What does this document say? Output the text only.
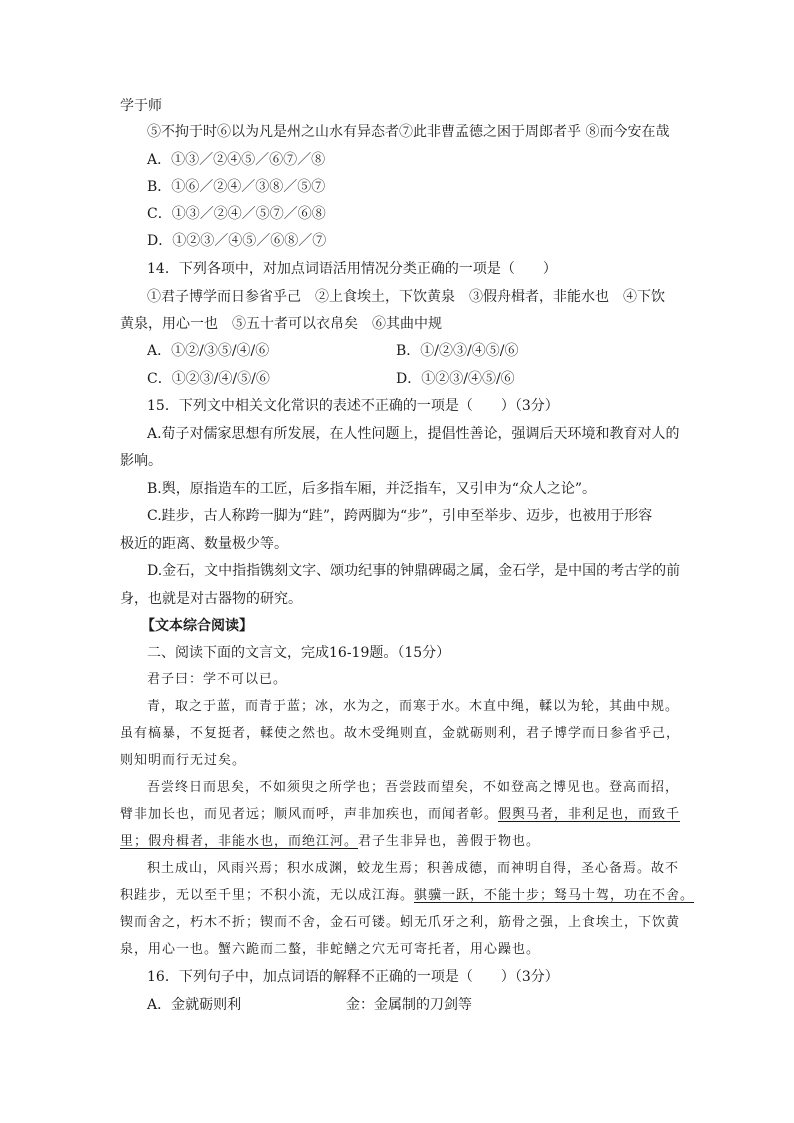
学于师
⑤不拘于时⑥以为凡是州之山水有异态者⑦此非曹孟德之困于周郎者乎 ⑧而今安在哉
A．①③／②④⑤／⑥⑦／⑧
B．①⑥／②④／③⑧／⑤⑦
C．①③／②④／⑤⑦／⑥⑧
D．①②③／④⑤／⑥⑧／⑦
14．下列各项中，对加点词语活用情况分类正确的一项是（　　）
①君子博学而日参省乎己　②上食埃土，下饮黄泉　③假舟楫者，非能水也　④下饮
黄泉，用心一也　⑤五十者可以衣帛矣　⑥其曲中规
A．①②/③⑤/④/⑥	B．①/②③/④⑤/⑥
C．①②③/④/⑤/⑥	D．①②③/④⑤/⑥
15．下列文中相关文化常识的表述不正确的一项是（　　）（3分）
A.荀子对儒家思想有所发展，在人性问题上，提倡性善论，强调后天环境和教育对人的
影响。
B.舆，原指造车的工匠，后多指车厢，并泛指车，又引申为“众人之论”。
C.跬步，古人称跨一脚为“跬”，跨两脚为“步”，引申至举步、迈步，也被用于形容
极近的距离、数量极少等。
D.金石，文中指指镌刻文字、颂功纪事的钟鼎碑碣之属，金石学，是中国的考古学的前
身，也就是对古器物的研究。
【文本综合阅读】
二、阅读下面的文言文，完成16-19题。（15分）
君子曰：学不可以已。
青，取之于蓝，而青于蓝；冰，水为之，而寒于水。木直中绳，輮以为轮，其曲中规。
虽有槁暴，不复挺者，輮使之然也。故木受绳则直，金就砺则利，君子博学而日参省乎己，
则知明而行无过矣。
吾尝终日而思矣，不如须臾之所学也；吾尝跂而望矣，不如登高之博见也。登高而招，
臂非加长也，而见者远；顺风而呼，声非加疾也，而闻者彰。假舆马者，非利足也，而致千
里；假舟楫者，非能水也，而绝江河。君子生非异也，善假于物也。
积土成山，风雨兴焉；积水成渊，蛟龙生焉；积善成德，而神明自得，圣心备焉。故不
积跬步，无以至千里；不积小流，无以成江海。骐骥一跃，不能十步；驽马十驾，功在不舍。
锲而舍之，朽木不折；锲而不舍，金石可镂。蚓无爪牙之利，筋骨之强，上食埃土，下饮黄
泉，用心一也。蟹六跪而二螯，非蛇鳝之穴无可寄托者，用心躁也。
16．下列句子中，加点词语的解释不正确的一项是（　　）（3分）
A．金就砺则利	金：金属制的刀剑等
